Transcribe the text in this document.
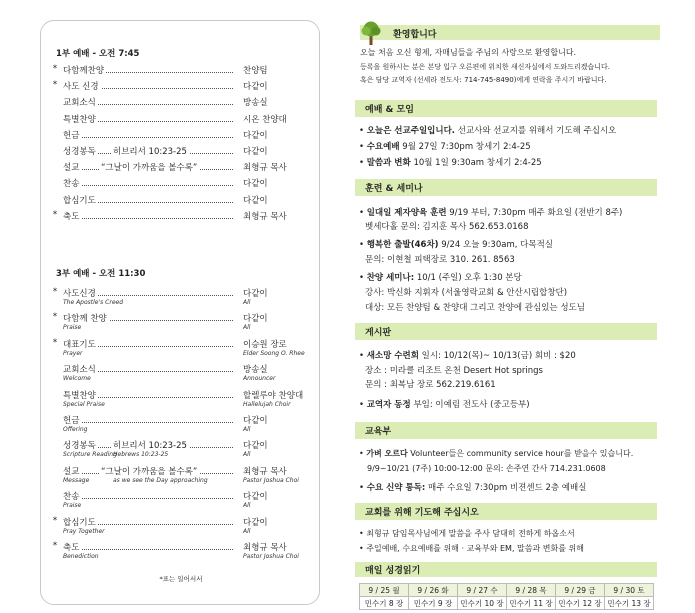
1부 예배 - 오전 7:45
* 다함께찬양	찬양팀
* 사도 신경	다같이
교회소식	방송실
특별찬양	시온 찬양대
헌금	다같이
성경봉독 히브리서 10:23-25	다같이
설교	“그날이 가까움을 볼수록”	최형규 목사
찬송	다같이
합심기도	다같이
* 축도	최형규 목사
3부 예배 - 오전 11:30
* 사도신경	다같이
The Apostle's Creed	All
* 다함께 찬양	다같이
Praise	All
* 대표기도	이승원 장로
Prayer	Elder Soong O. Rhee
교회소식	방송실
Welcome	Announcer
특별찬양	할렐루야 찬양대
Special Praise	Hallelujah Choir
헌금	다같이
Offering	All
성경봉독 히브리서 10:23-25	다같이
Scripture Reading
Hebrews 10:23-25	All
설교	“그날이 가까움을 볼수록”	최형규 목사
Message	as we see the Day approaching	Pastor Joshua Choi
찬송	다같이
Praise	All
* 합심기도	다같이
Pray Together	All
* 축도	최형규 목사
Benediction	Pastor Joshua Choi
*표는 일어서서
환영합니다
오늘 처음 오신 형제, 자매님들을 주님의 사랑으로 환영합니다.
등록을 원하시는 분은 본당 입구 오른편에 위치한 새신자실에서 도와드리겠습니다.
혹은 담당 교역자 (선세라 전도사: 714-745-8490)에게 연락을 주시기 바랍니다.
예배 & 모임
• 오늘은 선교주일입니다. 선교사와 선교지를 위해서 기도해 주십시오
• 수요예배 9월 27일 7:30pm 창세기 2:4-25
• 말씀과 변화 10월 1일 9:30am 창세기 2:4-25
훈련 & 세미나
• 일대일 제자양육 훈련 9/19 부터, 7:30pm 매주 화요일 (전반기 8주)
벳세다홀 문의: 김지훈 목사 562.653.0168
• 행복한 출발(46차) 9/24 오늘 9:30am, 다목적실
문의: 이현철 피택장로 310. 261. 8563
• 찬양 세미나: 10/1 (주일) 오후 1:30 본당
강사: 박신화 지휘자 (서울영락교회 & 안산시립합창단)
대상: 모든 찬양팀 & 찬양대 그리고 찬양에 관심있는 성도님
게시판
• 새소망 수련회 일시: 10/12(목)~ 10/13(금) 회비 : $20
장소 : 미라클 리조트 온천 Desert Hot springs
문의 : 최복남 장로 562.219.6161
• 교역자 동정 부임: 이예림 전도사 (중고등부)
교육부
• 가벼 오르다 Volunteer들은 community service hour를 받을수 있습니다.
9/9~10/21 (7주) 10:00-12:00 문의: 손주연 간사 714.231.0608
• 수요 신약 통독: 매주 수요일 7:30pm 비젼센드 2층 예배실
교회를 위해 기도해 주십시오
• 최형규 담임목사님에게 말씀을 주사 담대히 전하게 하옵소서
• 주일예배, 수요예배를 위해 · 교육부와 EM, 말씀과 변화를 위해
매일 성경읽기
9 / 25 월	9 / 26 화	9 / 27 수	9 / 28 목	9 / 29 금	9 / 30 토
민수기 8 장	민수기 9 장	민수기 10 장	민수기 11 장	민수기 12 장	민수기 13 장
